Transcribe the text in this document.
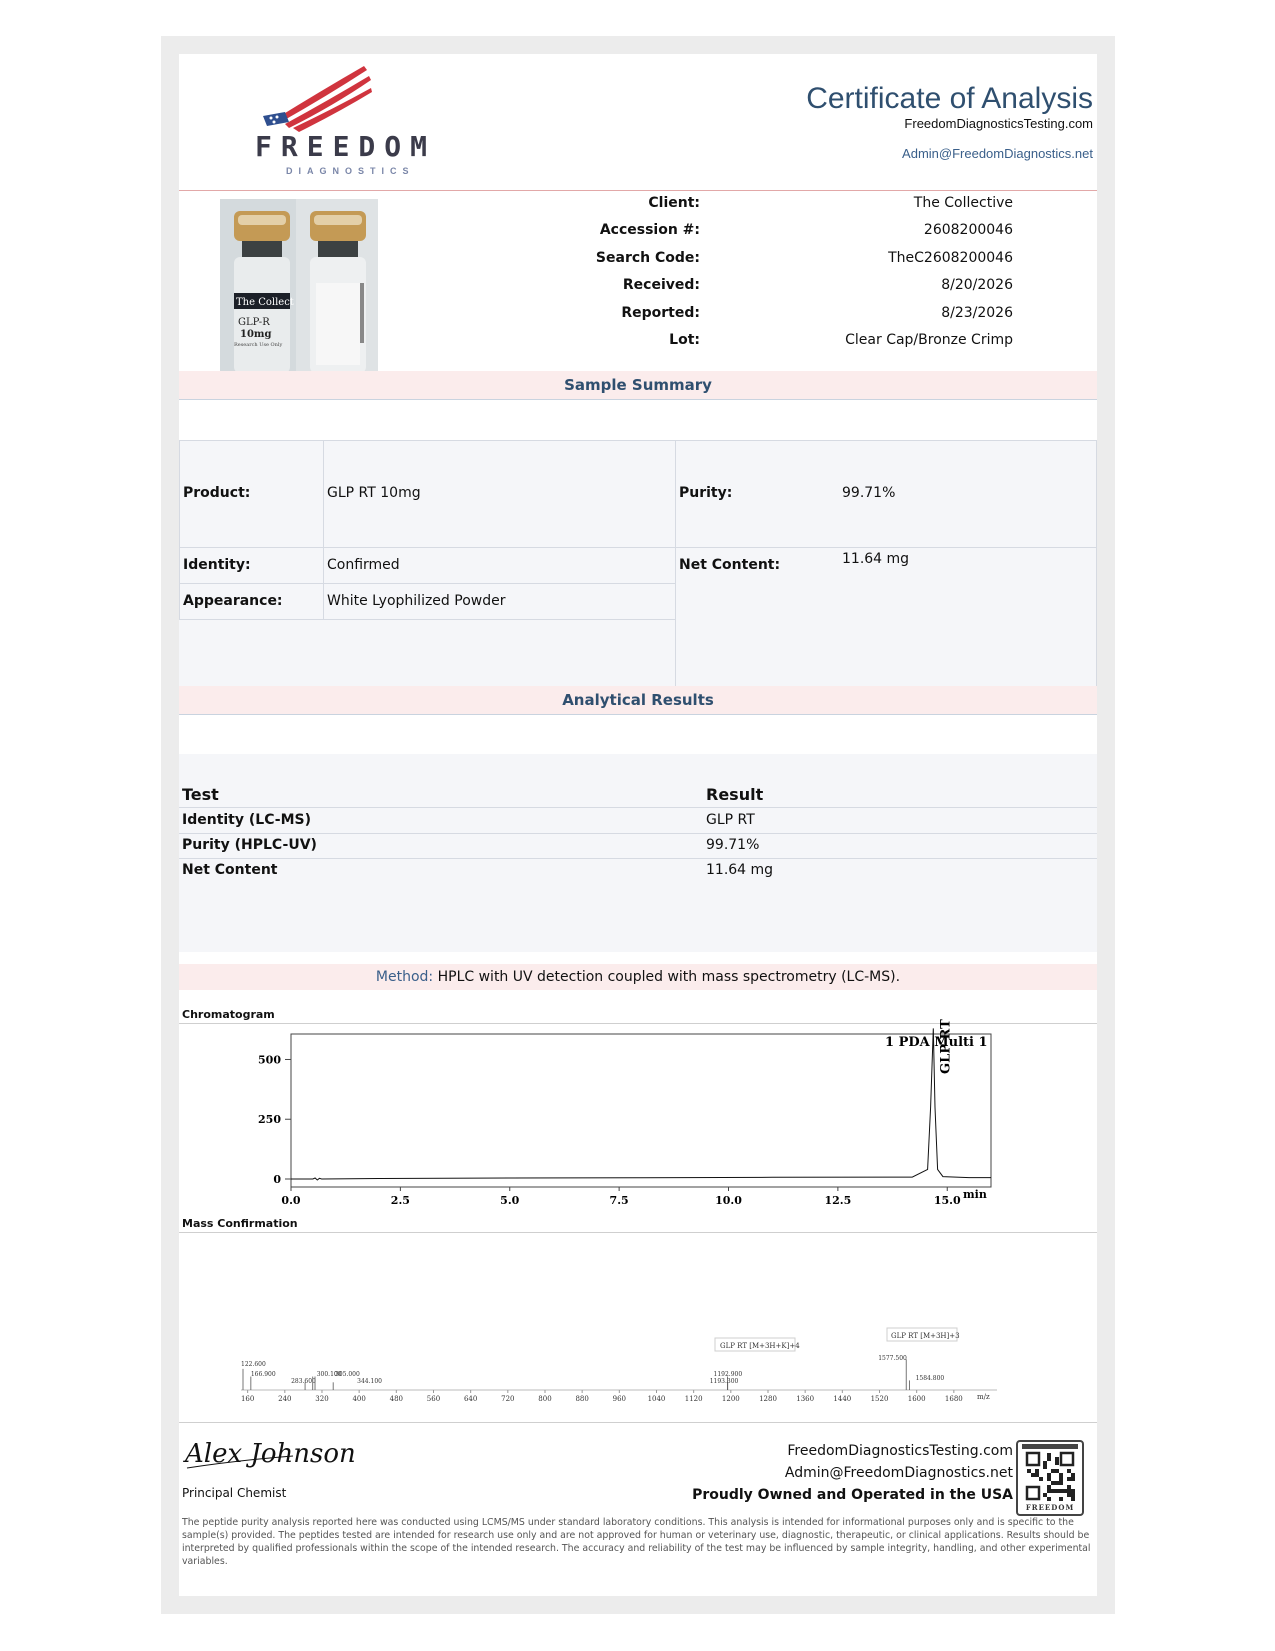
FREEDOM
DIAGNOSTICS
Certificate of Analysis
FreedomDiagnosticsTesting.com
Admin@FreedomDiagnostics.net
The Collect
GLP-R
10mg
Research Use Only
Client:	The Collective
Accession #:	2608200046
Search Code:	TheC2608200046
Received:	8/20/2026
Reported:	8/23/2026
Lot:	Clear Cap/Bronze Crimp
Sample Summary
Product:	GLP RT 10mg
Identity:	Confirmed
Appearance:	White Lyophilized Powder
Purity:	99.71%
Net Content:	11.64 mg
Analytical Results
Test	Result
Identity (LC-MS)	GLP RT
Purity (HPLC-UV)	99.71%
Net Content	11.64 mg
Method: HPLC with UV detection coupled with mass spectrometry (LC-MS).
Chromatogram
0
250
500
0.0	2.5	5.0	7.5	10.0	12.5	15.0
1 PDA Multi 1
GLP RT
min
Mass Confirmation
160	240	320	400	480	560	640	720	800	880	960	1040	1120	1200	1280	1360	1440	1520	1600	1680
122.600
166.900
283.600
300.100
305.000
344.100
1192.900
1193.300
1577.500
1584.800
m/z
GLP RT [M+3H+K]+4
GLP RT [M+3H]+3
Alex Johnson
Principal Chemist
FreedomDiagnosticsTesting.com
Admin@FreedomDiagnostics.net
Proudly Owned and Operated in the USA
FREEDOM
The peptide purity analysis reported here was conducted using LCMS/MS under standard laboratory conditions. This analysis is intended for informational purposes only and is specific to the sample(s) provided. The peptides tested are intended for research use only and are not approved for human or veterinary use, diagnostic, therapeutic, or clinical applications. Results should be interpreted by qualified professionals within the scope of the intended research. The accuracy and reliability of the test may be influenced by sample integrity, handling, and other experimental variables.
